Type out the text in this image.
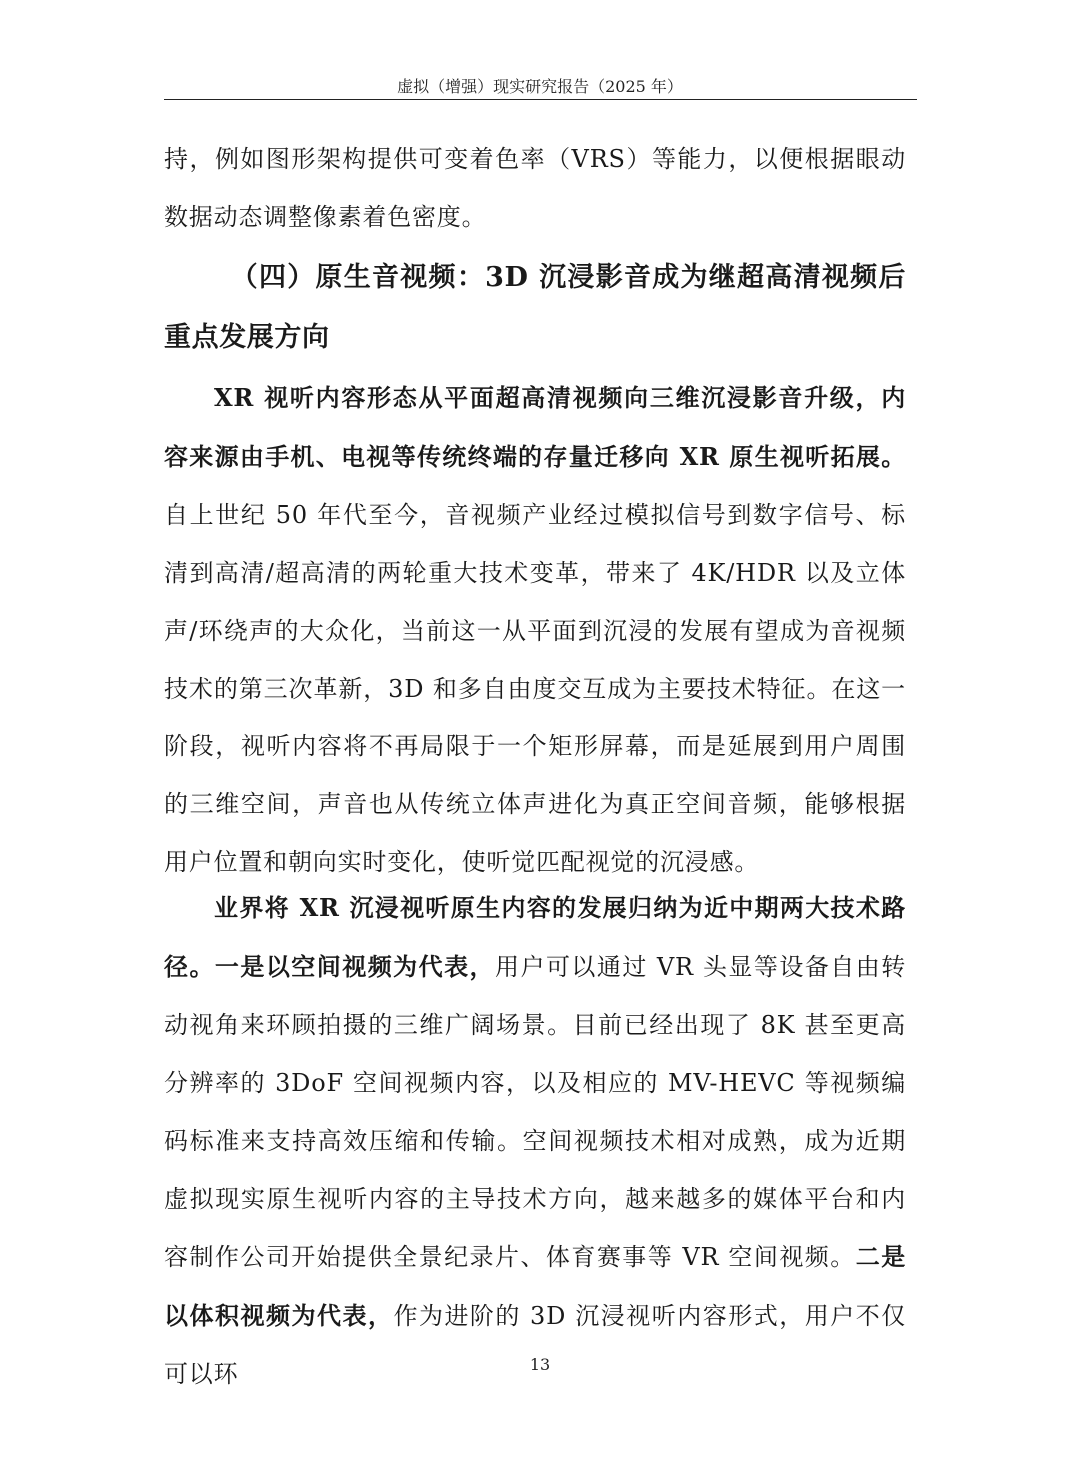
虚拟（增强）现实研究报告（2025 年）
持，例如图形架构提供可变着色率（VRS）等能力，以便根据眼动数据动态调整像素着色密度。
（四）原生音视频：3D 沉浸影音成为继超高清视频后重点发展方向
XR 视听内容形态从平面超高清视频向三维沉浸影音升级，内容来源由手机、电视等传统终端的存量迁移向 XR 原生视听拓展。自上世纪 50 年代至今，音视频产业经过模拟信号到数字信号、标清到高清/超高清的两轮重大技术变革，带来了 4K/HDR 以及立体声/环绕声的大众化，当前这一从平面到沉浸的发展有望成为音视频技术的第三次革新，3D 和多自由度交互成为主要技术特征。在这一阶段，视听内容将不再局限于一个矩形屏幕，而是延展到用户周围的三维空间，声音也从传统立体声进化为真正空间音频，能够根据用户位置和朝向实时变化，使听觉匹配视觉的沉浸感。
业界将 XR 沉浸视听原生内容的发展归纳为近中期两大技术路径。一是以空间视频为代表，用户可以通过 VR 头显等设备自由转动视角来环顾拍摄的三维广阔场景。目前已经出现了 8K 甚至更高分辨率的 3DoF 空间视频内容，以及相应的 MV-HEVC 等视频编码标准来支持高效压缩和传输。空间视频技术相对成熟，成为近期虚拟现实原生视听内容的主导技术方向，越来越多的媒体平台和内容制作公司开始提供全景纪录片、体育赛事等 VR 空间视频。二是以体积视频为代表，作为进阶的 3D 沉浸视听内容形式，用户不仅可以环	13
